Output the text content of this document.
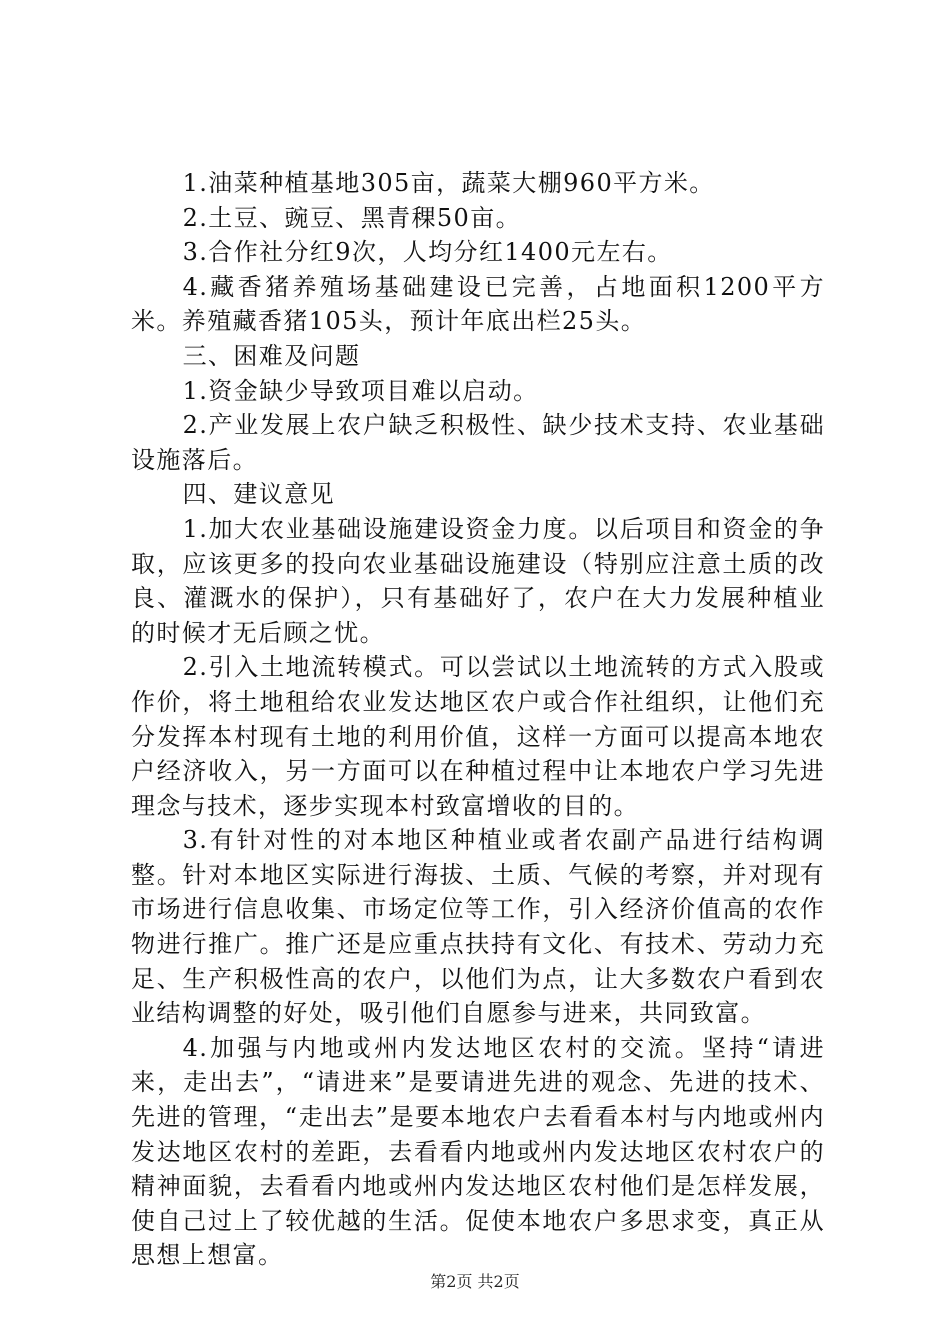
1.油菜种植基地305亩，蔬菜大棚960平方米。

2.土豆、豌豆、黑青稞50亩。

3.合作社分红9次，人均分红1400元左右。

4.藏香猪养殖场基础建设已完善，占地面积1200平方米。养殖藏香猪105头，预计年底出栏25头。

三、困难及问题

1.资金缺少导致项目难以启动。

2.产业发展上农户缺乏积极性、缺少技术支持、农业基础设施落后。

四、建议意见

1.加大农业基础设施建设资金力度。以后项目和资金的争取，应该更多的投向农业基础设施建设（特别应注意土质的改良、灌溉水的保护），只有基础好了，农户在大力发展种植业的时候才无后顾之忧。

2.引入土地流转模式。可以尝试以土地流转的方式入股或作价，将土地租给农业发达地区农户或合作社组织，让他们充分发挥本村现有土地的利用价值，这样一方面可以提高本地农户经济收入，另一方面可以在种植过程中让本地农户学习先进理念与技术，逐步实现本村致富增收的目的。

3.有针对性的对本地区种植业或者农副产品进行结构调整。针对本地区实际进行海拔、土质、气候的考察，并对现有市场进行信息收集、市场定位等工作，引入经济价值高的农作物进行推广。推广还是应重点扶持有文化、有技术、劳动力充足、生产积极性高的农户，以他们为点，让大多数农户看到农业结构调整的好处，吸引他们自愿参与进来，共同致富。

4.加强与内地或州内发达地区农村的交流。坚持“请进来，走出去”，“请进来”是要请进先进的观念、先进的技术、先进的管理，“走出去”是要本地农户去看看本村与内地或州内发达地区农村的差距，去看看内地或州内发达地区农村农户的精神面貌，去看看内地或州内发达地区农村他们是怎样发展，使自己过上了较优越的生活。促使本地农户多思求变，真正从思想上想富。

第2页 共2页
